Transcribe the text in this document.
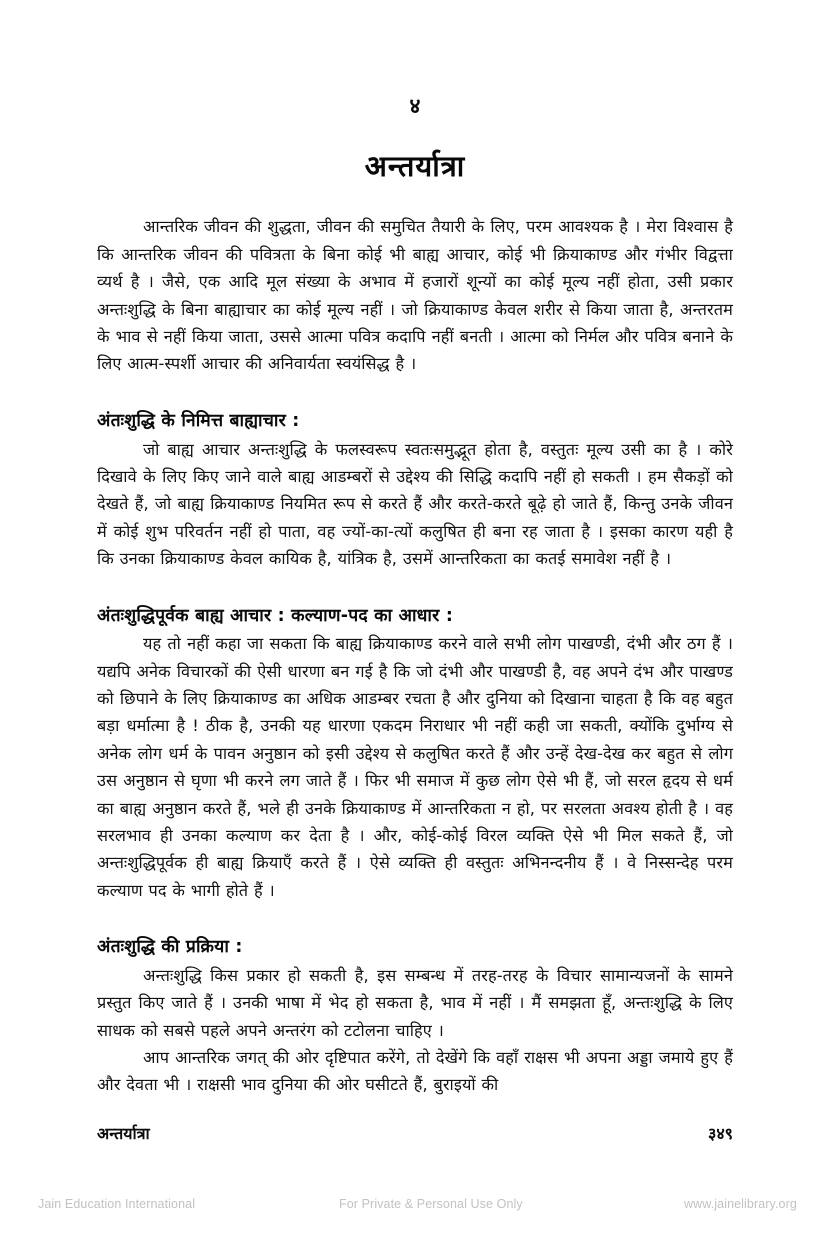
४
अन्तर्यात्रा

आन्तरिक जीवन की शुद्धता, जीवन की समुचित तैयारी के लिए, परम आवश्यक है । मेरा विश्वास है कि आन्तरिक जीवन की पवित्रता के बिना कोई भी बाह्य आचार, कोई भी क्रियाकाण्ड और गंभीर विद्वत्ता व्यर्थ है । जैसे, एक आदि मूल संख्या के अभाव में हजारों शून्यों का कोई मूल्य नहीं होता, उसी प्रकार अन्तःशुद्धि के बिना बाह्याचार का कोई मूल्य नहीं । जो क्रियाकाण्ड केवल शरीर से किया जाता है, अन्तरतम के भाव से नहीं किया जाता, उससे आत्मा पवित्र कदापि नहीं बनती । आत्मा को निर्मल और पवित्र बनाने के लिए आत्म-स्पर्शी आचार की अनिवार्यता स्वयंसिद्ध है ।

अंतःशुद्धि के निमित्त बाह्याचार :

जो बाह्य आचार अन्तःशुद्धि के फलस्वरूप स्वतःसमुद्भूत होता है, वस्तुतः मूल्य उसी का है । कोरे दिखावे के लिए किए जाने वाले बाह्य आडम्बरों से उद्देश्य की सिद्धि कदापि नहीं हो सकती । हम सैकड़ों को देखते हैं, जो बाह्य क्रियाकाण्ड नियमित रूप से करते हैं और करते-करते बूढ़े हो जाते हैं, किन्तु उनके जीवन में कोई शुभ परिवर्तन नहीं हो पाता, वह ज्यों-का-त्यों कलुषित ही बना रह जाता है । इसका कारण यही है कि उनका क्रियाकाण्ड केवल कायिक है, यांत्रिक है, उसमें आन्तरिकता का कतई समावेश नहीं है ।

अंतःशुद्धिपूर्वक बाह्य आचार : कल्याण-पद का आधार :

यह तो नहीं कहा जा सकता कि बाह्य क्रियाकाण्ड करने वाले सभी लोग पाखण्डी, दंभी और ठग हैं । यद्यपि अनेक विचारकों की ऐसी धारणा बन गई है कि जो दंभी और पाखण्डी है, वह अपने दंभ और पाखण्ड को छिपाने के लिए क्रियाकाण्ड का अधिक आडम्बर रचता है और दुनिया को दिखाना चाहता है कि वह बहुत बड़ा धर्मात्मा है ! ठीक है, उनकी यह धारणा एकदम निराधार भी नहीं कही जा सकती, क्योंकि दुर्भाग्य से अनेक लोग धर्म के पावन अनुष्ठान को इसी उद्देश्य से कलुषित करते हैं और उन्हें देख-देख कर बहुत से लोग उस अनुष्ठान से घृणा भी करने लग जाते हैं । फिर भी समाज में कुछ लोग ऐसे भी हैं, जो सरल हृदय से धर्म का बाह्य अनुष्ठान करते हैं, भले ही उनके क्रियाकाण्ड में आन्तरिकता न हो, पर सरलता अवश्य होती है । वह सरलभाव ही उनका कल्याण कर देता है । और, कोई-कोई विरल व्यक्ति ऐसे भी मिल सकते हैं, जो अन्तःशुद्धिपूर्वक ही बाह्य क्रियाएँ करते हैं । ऐसे व्यक्ति ही वस्तुतः अभिनन्दनीय हैं । वे निस्सन्देह परम कल्याण पद के भागी होते हैं ।

अंतःशुद्धि की प्रक्रिया :

अन्तःशुद्धि किस प्रकार हो सकती है, इस सम्बन्ध में तरह-तरह के विचार सामान्यजनों के सामने प्रस्तुत किए जाते हैं । उनकी भाषा में भेद हो सकता है, भाव में नहीं । मैं समझता हूँ, अन्तःशुद्धि के लिए साधक को सबसे पहले अपने अन्तरंग को टटोलना चाहिए ।

आप आन्तरिक जगत् की ओर दृष्टिपात करेंगे, तो देखेंगे कि वहाँ राक्षस भी अपना अड्डा जमाये हुए हैं और देवता भी । राक्षसी भाव दुनिया की ओर घसीटते हैं, बुराइयों की

अन्तर्यात्रा	३४९
Jain Education International	For Private & Personal Use Only	www.jainelibrary.org
